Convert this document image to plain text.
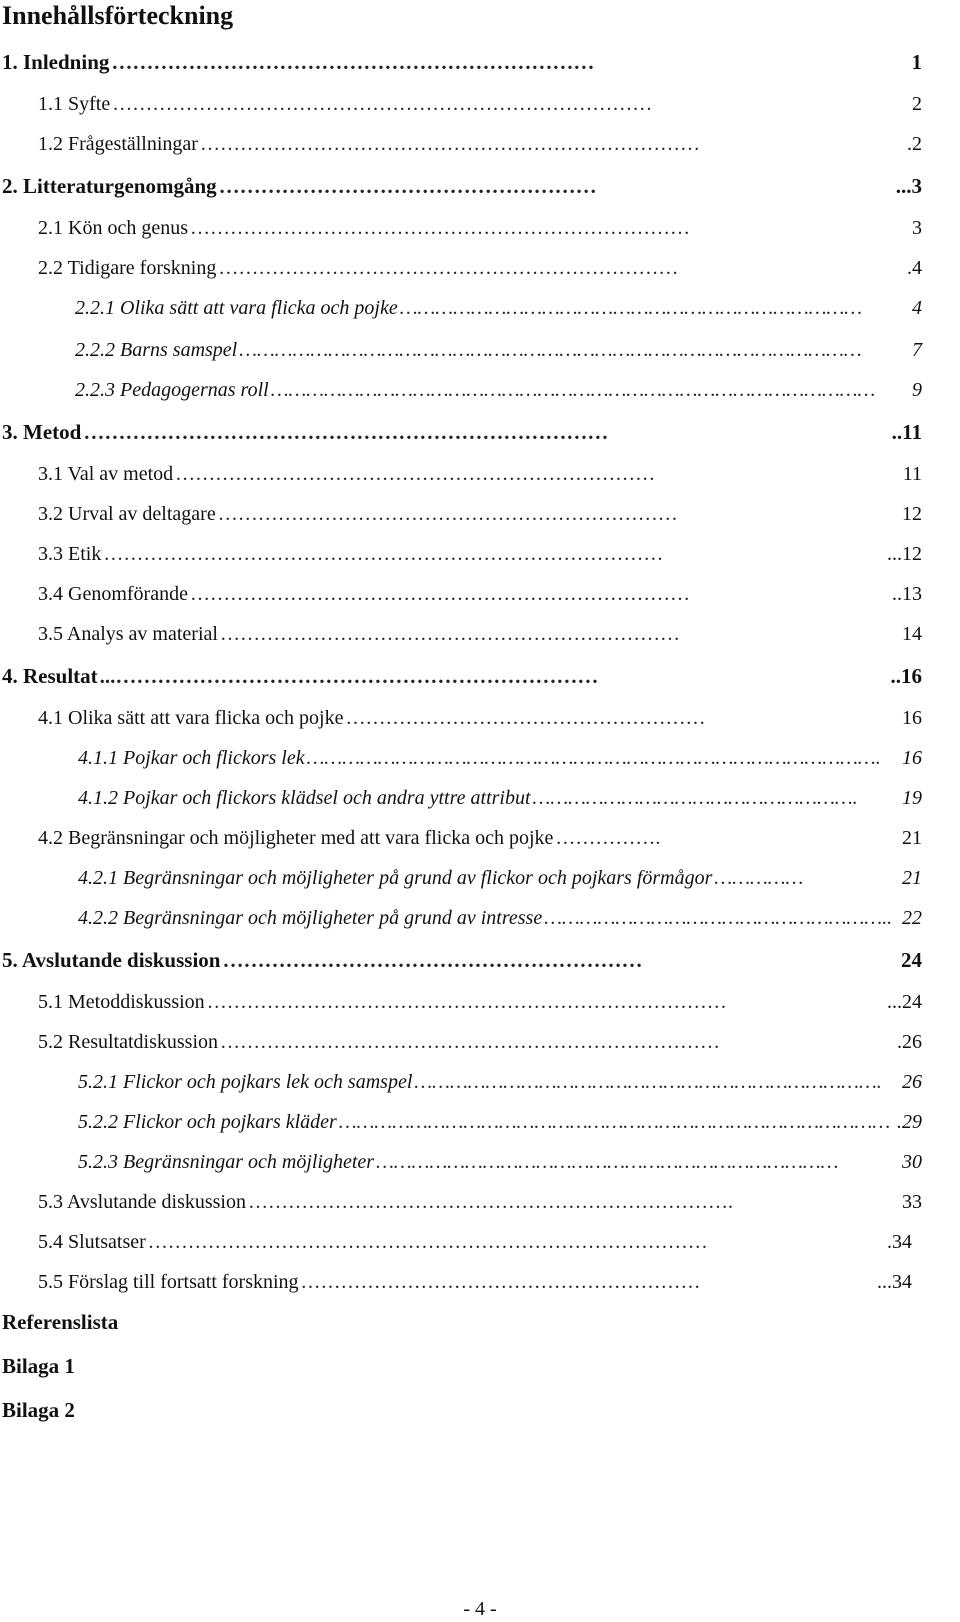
Innehållsförteckning
1. Inledning ……………………………………………………………	1
1.1 Syfte ………………………………………………………………………	2
1.2 Frågeställningar …………………………………………………………………	.2
2. Litteraturgenomgång ………………………………………………	...3
2.1 Kön och genus …………………………………………………………………	3
2.2 Tidigare forskning ……………………………………………………………	.4
2.2.1 Olika sätt att vara flicka och pojke ……………………………………………………………………	4
2.2.2 Barns samspel ……………………………………………………………………………………………	7
2.2.3 Pedagogernas roll …………………………………………………………………………………………	9
3. Metod …………………………………………………………………	..11
3.1 Val av metod ………………………………………………………………	11
3.2 Urval av deltagare ……………………………………………………………	12
3.3 Etik …………………………………………………………………………	...12
3.4 Genomförande …………………………………………………………………	..13
3.5 Analys av material ……………………………………………………………	14
4. Resultat ...……………………………………………………………	..16
4.1 Olika sätt att vara flicka och pojke ………………………………………………	16
4.1.1 Pojkar och flickors lek …………………………………………………………………………………….	16
4.1.2 Pojkar och flickors klädsel och andra yttre attribut ……………………………………………….	19
4.2 Begränsningar och möjligheter med att vara flicka och pojke …………….	21
4.2.1 Begränsningar och möjligheter på grund av flickor och pojkars förmågor ……………	21
4.2.2 Begränsningar och möjligheter på grund av intresse ………………………………………………….. 22
5. Avslutande diskussion ……………………………………………………	24
5.1 Metoddiskussion ……………………………………………………………………	...24
5.2 Resultatdiskussion …………………………………………………………………	.26
5.2.1 Flickor och pojkars lek och samspel …………………………………………………………………….	26
5.2.2 Flickor och pojkars kläder ………………………………………………………………………………… .29
5.2.3 Begränsningar och möjligheter ……………………………………………………………………	30
5.3 Avslutande diskussion ……………………………………………………………….	33
5.4 Slutsatser …………………………………………………………………………	.34
5.5 Förslag till fortsatt forskning ……………………………………………………	...34
Referenslista
Bilaga 1
Bilaga 2
- 4 -
